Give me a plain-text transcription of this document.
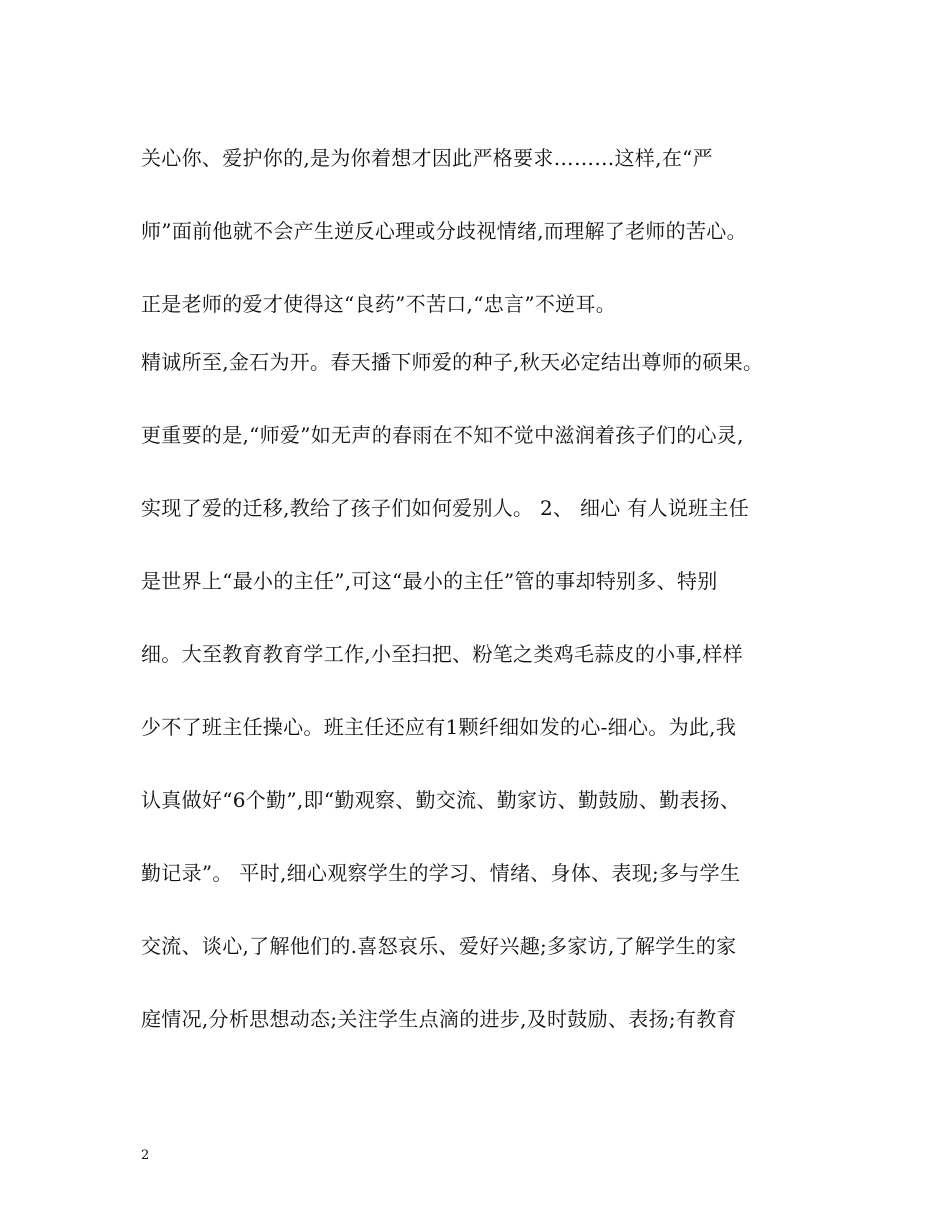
关心你、爱护你的,是为你着想才因此严格要求………这样,在“严
师”面前他就不会产生逆反心理或分歧视情绪,而理解了老师的苦心。
正是老师的爱才使得这“良药”不苦口,“忠言”不逆耳。
精诚所至,金石为开。春天播下师爱的种子,秋天必定结出尊师的硕果。
更重要的是,“师爱”如无声的春雨在不知不觉中滋润着孩子们的心灵,
实现了爱的迁移,教给了孩子们如何爱别人。 2、 细心 有人说班主任
是世界上“最小的主任”,可这“最小的主任”管的事却特别多、特别
细。大至教育教育学工作,小至扫把、粉笔之类鸡毛蒜皮的小事,样样
少不了班主任操心。班主任还应有1颗纤细如发的心-细心。为此,我
认真做好“6个勤”,即“勤观察、勤交流、勤家访、勤鼓励、勤表扬、
勤记录”。 平时,细心观察学生的学习、情绪、身体、表现;多与学生
交流、谈心,了解他们的.喜怒哀乐、爱好兴趣;多家访,了解学生的家
庭情况,分析思想动态;关注学生点滴的进步,及时鼓励、表扬;有教育
2
